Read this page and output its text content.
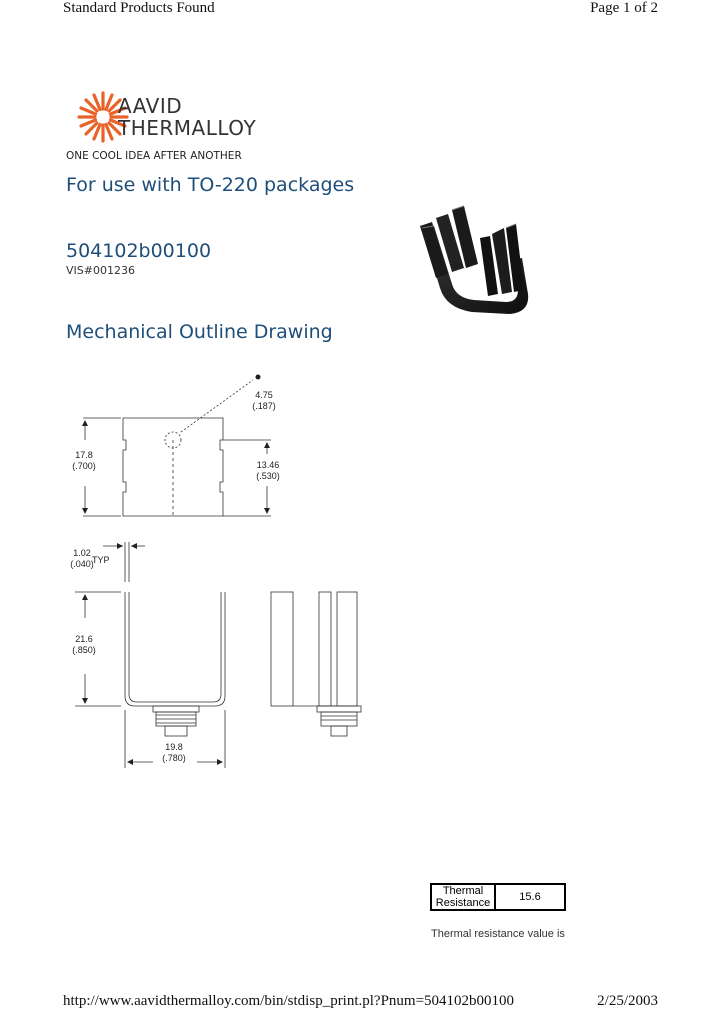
Standard Products Found	Page 1 of 2
AAVID
THERMALLOY
ONE COOL IDEA AFTER ANOTHER
For use with TO-220 packages
504102b00100
VIS#001236
Mechanical Outline Drawing
4.75
(.187)
17.8
(.700)	13.46
(.530)
1.02
(.040)
TYP
21.6
(.850)
19.8
(.780)
Thermal
Resistance	15.6
Thermal resistance value is
http://www.aavidthermalloy.com/bin/stdisp_print.pl?Pnum=504102b00100	2/25/2003
